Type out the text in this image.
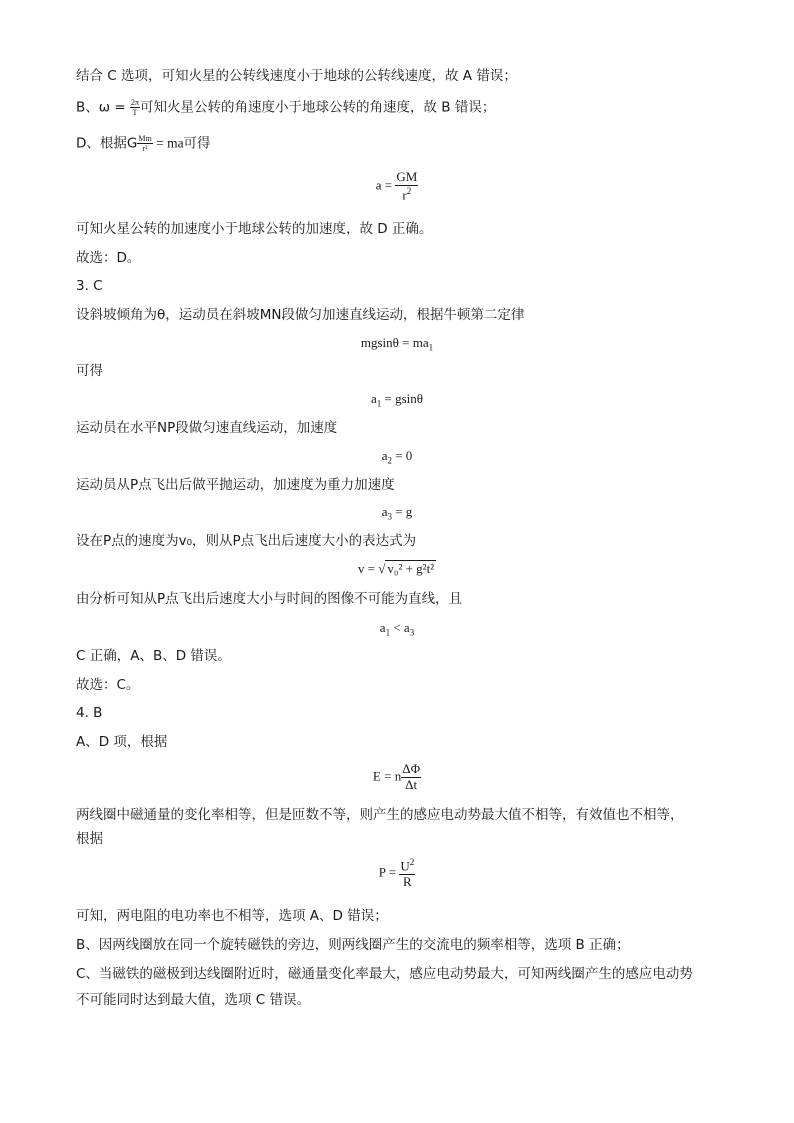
结合 C 选项，可知火星的公转线速度小于地球的公转线速度，故 A 错误；
B、$\omega = \frac{2\pi}{T}$ 可知火星公转的角速度小于地球公转的角速度，故 B 错误；
D、根据G $\frac{Mm}{\text{r²}}$ = ma可得
$a = \frac{GM}{r^2}$
可知火星公转的加速度小于地球公转的加速度，故 D 正确。
故选：D。
3. C
设斜坡倾角为θ，运动员在斜坡MN段做匀加速直线运动，根据牛顿第二定律
mgsin⁡θ = $ma_1$
可得
$a_1$ = gsin⁡θ
运动员在水平NP段做匀速直线运动，加速度
$a_2 = 0$
运动员从P点飞出后做平抛运动，加速度为重力加速度
$a_3 = g$
设在P点的速度为v₀，则从P点飞出后速度大小的表达式为
v = √ v₀² + g²t²
由分析可知从P点飞出后速度大小与时间的图像不可能为直线，且
$a_1 < a_3$
C 正确，A、B、D 错误。
故选：C。
4. B
A、D 项，根据
E = n $\frac{\Delta\Phi}{\Delta t}$
两线圈中磁通量的变化率相等，但是匝数不等，则产生的感应电动势最大值不相等，有效值也不相等，
根据
$P = \frac{U^2}{R}$
可知，两电阻的电功率也不相等，选项 A、D 错误；
B、因两线圈放在同一个旋转磁铁的旁边，则两线圈产生的交流电的频率相等，选项 B 正确；
C、当磁铁的磁极到达线圈附近时，磁通量变化率最大，感应电动势最大，可知两线圈产生的感应电动势
不可能同时达到最大值，选项 C 错误。
